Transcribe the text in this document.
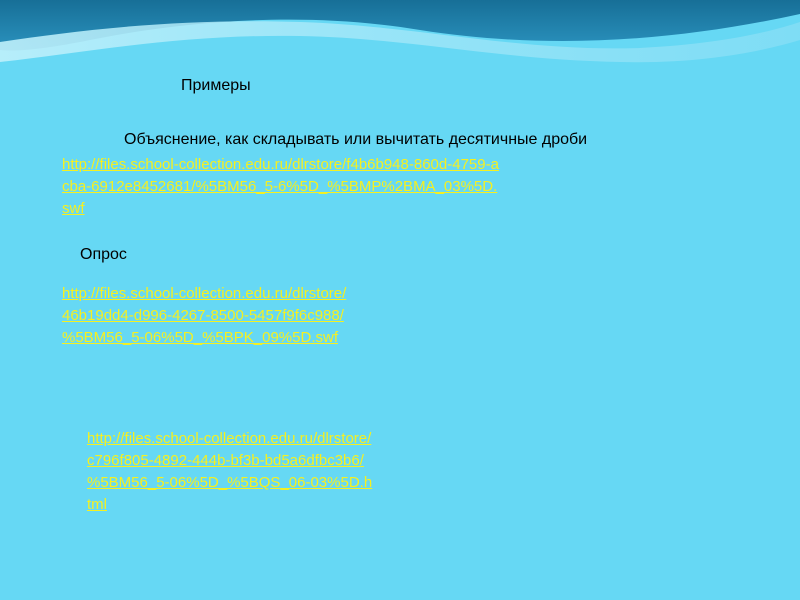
Примеры
Объяснение, как складывать или вычитать десятичные дроби
http://files.school-collection.edu.ru/dlrstore/f4b6b948-860d-4759-a
cba-6912e8452681/%5BM56_5-6%5D_%5BMP%2BMA_03%5D.
swf
Опрос
http://files.school-collection.edu.ru/dlrstore/
46b19dd4-d996-4267-8500-5457f9f6c988/
%5BM56_5-06%5D_%5BPK_09%5D.swf
http://files.school-collection.edu.ru/dlrstore/
c796f805-4892-444b-bf3b-bd5a6dfbc3b6/
%5BM56_5-06%5D_%5BQS_06-03%5D.h
tml
